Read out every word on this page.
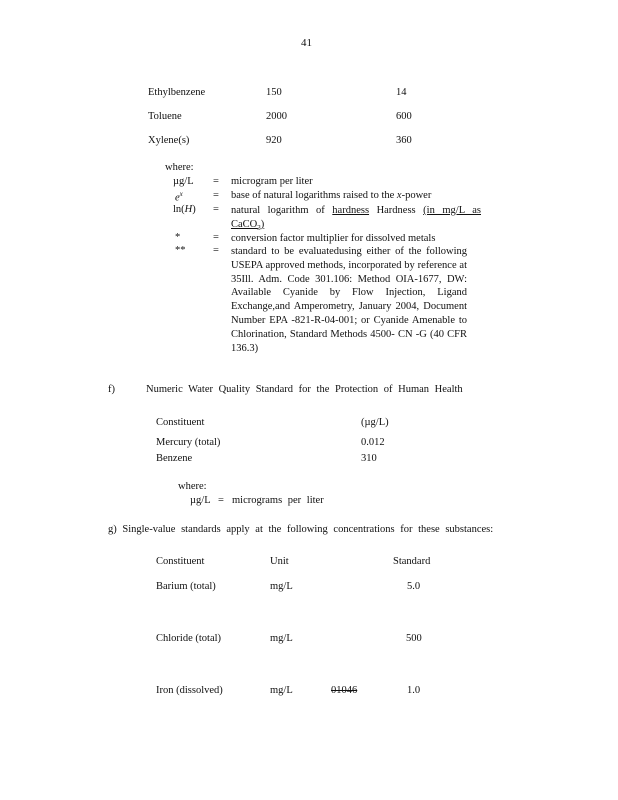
41
Ethylbenzene	150	14
Toluene	2000	600
Xylene(s)	920	360
where:
µg/L = microgram per liter
$e^x$	= base of natural logarithms raised to the x-power
ln(H) = natural logarithm of hardness Hardness (in mg/L as CaCO$_3$)
*	= conversion factor multiplier for dissolved metals
**	= standard to be evaluatedusing either of the following USEPA approved methods, incorporated by reference at 35Ill. Adm. Code 301.106: Method OIA-1677, DW: Available Cyanide by Flow Injection, Ligand Exchange,and Amperometry, January 2004, Document Number EPA -821-R-04-001; or Cyanide Amenable to Chlorination, Standard Methods 4500- CN -G (40 CFR 136.3)
f)	Numeric Water Quality Standard for the Protection of Human Health
Constituent	(µg/L)
Mercury (total)	0.012
Benzene	310
where:
µg/L = micrograms per liter
g) Single-value standards apply at the following concentrations for these substances:
Constituent	Unit	Standard
Barium (total)	mg/L	5.0
Chloride (total)	mg/L	500
Iron (dissolved)	mg/L	01046	1.0
